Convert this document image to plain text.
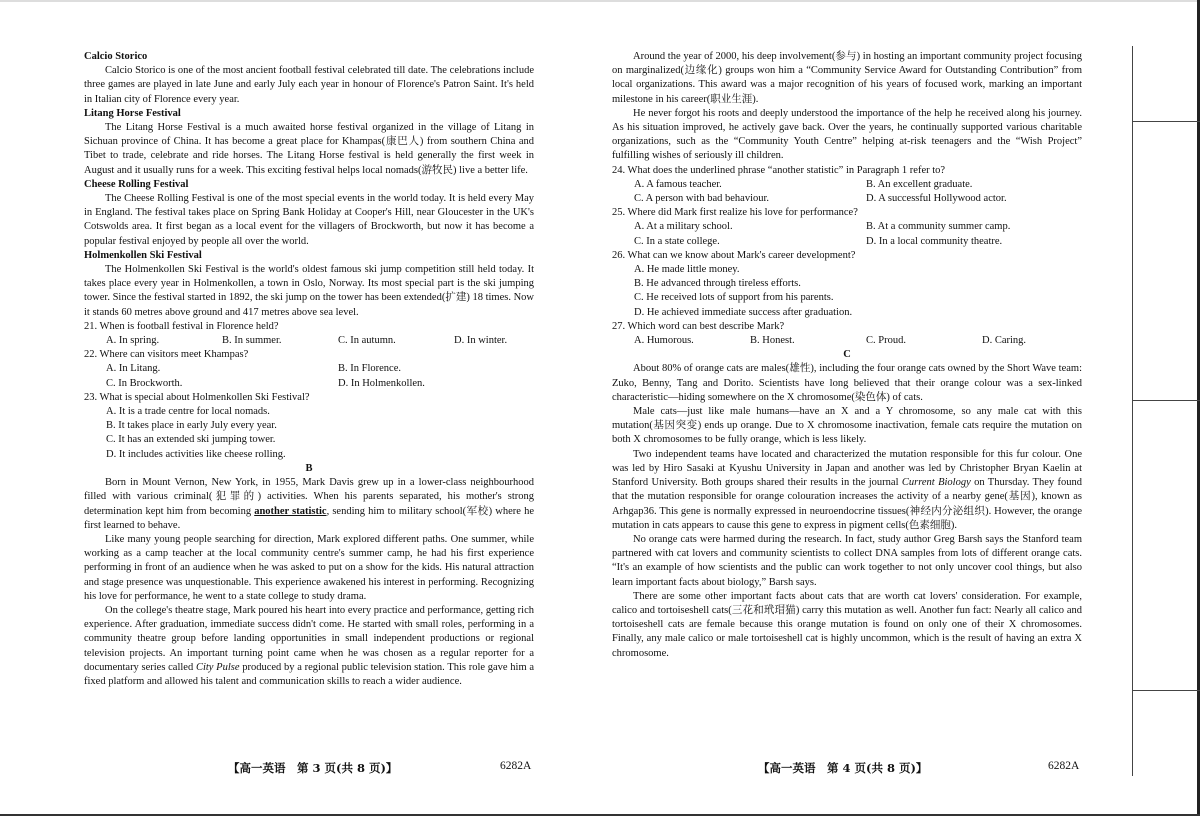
Calcio Storico

Calcio Storico is one of the most ancient football festival celebrated till date. The celebrations include three games are played in late June and early July each year in honour of Florence's Patron Saint. It's held in Italian city of Florence every year.

Litang Horse Festival

The Litang Horse Festival is a much awaited horse festival organized in the village of Litang in Sichuan province of China. It has become a great place for Khampas(康巴人) from southern China and Tibet to trade, celebrate and ride horses. The Litang Horse festival is held generally the first week in August and it usually runs for a week. This exciting festival helps local nomads(游牧民) live a better life.

Cheese Rolling Festival

The Cheese Rolling Festival is one of the most special events in the world today. It is held every May in England. The festival takes place on Spring Bank Holiday at Cooper's Hill, near Gloucester in the UK's Cotswolds area. It first began as a local event for the villagers of Brockworth, but now it has become a popular festival enjoyed by people all over the world.

Holmenkollen Ski Festival

The Holmenkollen Ski Festival is the world's oldest famous ski jump competition still held today. It takes place every year in Holmenkollen, a town in Oslo, Norway. Its most special part is the ski jumping tower. Since the festival started in 1892, the ski jump on the tower has been extended(扩建) 18 times. Now it stands 60 metres above ground and 417 metres above sea level.

21. When is football festival in Florence held?

A. In spring.	B. In summer.	C. In autumn.	D. In winter.

22. Where can visitors meet Khampas?

A. In Litang.	B. In Florence.
C. In Brockworth.	D. In Holmenkollen.

23. What is special about Holmenkollen Ski Festival?

A. It is a trade centre for local nomads.
B. It takes place in early July every year.
C. It has an extended ski jumping tower.
D. It includes activities like cheese rolling.

B

Born in Mount Vernon, New York, in 1955, Mark Davis grew up in a lower-class neighbourhood filled with various criminal(犯罪的) activities. When his parents separated, his mother's strong determination kept him from becoming another statistic, sending him to military school(军校) where he first learned to behave.

Like many young people searching for direction, Mark explored different paths. One summer, while working as a camp teacher at the local community centre's summer camp, he had his first experience performing in front of an audience when he was asked to put on a show for the kids. His natural attraction and stage presence was unquestionable. This experience awakened his interest in performing. Recognizing his love for performance, he went to a state college to study drama.

On the college's theatre stage, Mark poured his heart into every practice and performance, getting rich experience. After graduation, immediate success didn't come. He started with small roles, performing in a community theatre group before landing opportunities in small independent productions or regional television projects. An important turning point came when he was chosen as a regular reporter for a documentary series called City Pulse produced by a regional public television station. This role gave him a fixed platform and allowed his talent and communication skills to reach a wider audience.

【高一英语　第 3 页(共 8 页)】	6282A

Around the year of 2000, his deep involvement(参与) in hosting an important community project focusing on marginalized(边缘化) groups won him a “Community Service Award for Outstanding Contribution” from local organizations. This award was a major recognition of his years of focused work, marking an important milestone in his career(职业生涯).

He never forgot his roots and deeply understood the importance of the help he received along his journey. As his situation improved, he actively gave back. Over the years, he continually supported various charitable organizations, such as the “Community Youth Centre” helping at-risk teenagers and the “Wish Project” fulfilling wishes of seriously ill children.

24. What does the underlined phrase “another statistic” in Paragraph 1 refer to?

A. A famous teacher.	B. An excellent graduate.
C. A person with bad behaviour.	D. A successful Hollywood actor.

25. Where did Mark first realize his love for performance?

A. At a military school.	B. At a community summer camp.
C. In a state college.	D. In a local community theatre.

26. What can we know about Mark's career development?

A. He made little money.
B. He advanced through tireless efforts.
C. He received lots of support from his parents.
D. He achieved immediate success after graduation.

27. Which word can best describe Mark?

A. Humorous.	B. Honest.	C. Proud.	D. Caring.

C

About 80% of orange cats are males(雄性), including the four orange cats owned by the Short Wave team: Zuko, Benny, Tang and Dorito. Scientists have long believed that their orange colour was a sex-linked characteristic—hiding somewhere on the X chromosome(染色体) of cats.

Male cats—just like male humans—have an X and a Y chromosome, so any male cat with this mutation(基因突变) ends up orange. Due to X chromosome inactivation, female cats require the mutation on both X chromosomes to be fully orange, which is less likely.

Two independent teams have located and characterized the mutation responsible for this fur colour. One was led by Hiro Sasaki at Kyushu University in Japan and another was led by Christopher Bryan Kaelin at Stanford University. Both groups shared their results in the journal Current Biology on Thursday. They found that the mutation responsible for orange colouration increases the activity of a nearby gene(基因), known as Arhgap36. This gene is normally expressed in neuroendocrine tissues(神经内分泌组织). However, the orange mutation in cats appears to cause this gene to express in pigment cells(色素细胞).

No orange cats were harmed during the research. In fact, study author Greg Barsh says the Stanford team partnered with cat lovers and community scientists to collect DNA samples from lots of different orange cats. “It's an example of how scientists and the public can work together to not only uncover cool things, but also learn important facts about biology,” Barsh says.

There are some other important facts about cats that are worth cat lovers' consideration. For example, calico and tortoiseshell cats(三花和玳瑁猫) carry this mutation as well. Another fun fact: Nearly all calico and tortoiseshell cats are female because this orange mutation is found on only one of their X chromosomes. Finally, any male calico or male tortoiseshell cat is highly uncommon, which is the result of having an extra X chromosome.

【高一英语　第 4 页(共 8 页)】	6282A
